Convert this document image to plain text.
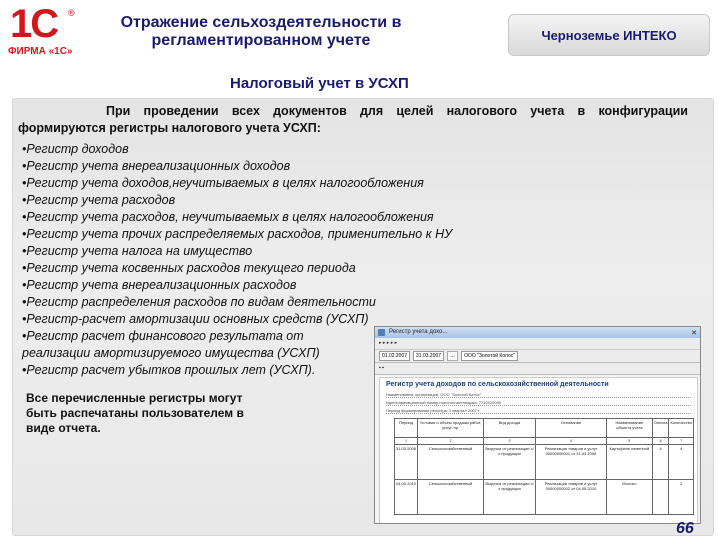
1С ®
ФИРМА «1С»
Отражение сельхоздеятельности в регламентированном учете	Черноземье ИНТЕКО
Налоговый учет в УСХП
При проведении всех документов для целей налогового учета в конфигурации формируются регистры налогового учета УСХП:
•Регистр доходов
•Регистр учета внереализационных доходов
•Регистр учета доходов,неучитываемых в целях налогообложения
•Регистр учета расходов
•Регистр учета расходов, неучитываемых в целях налогообложения
•Регистр учета прочих распределяемых расходов, применительно к НУ
•Регистр учета налога на имущество
•Регистр учета косвенных расходов текущего периода
•Регистр учета внереализационных расходов
•Регистр распределения расходов по видам деятельности
•Регистр-расчет амортизации основных средств (УСХП)
•Регистр расчет финансового результата от
реализации амортизируемого имущества (УСХП)
•Регистр расчет убытков прошлых лет (УСХП).
Все перечисленные регистры могут быть распечатаны пользователем в виде отчета.
Регистр учета дохо...	✕
▸ ▸ ▸ ▸ ▸
01.02.2007	31.03.2007	…	ООО "Золотой Колос"
▪ ▪
Регистр учета доходов по сельскохозяйственной деятельности
Наименование организации: ООО "Золотой Колос"
Идентификационный номер налогоплательщика: 7710010040
Период формирования регистра: 1 квартал 2007 г.
Период	Условия и объем продажи работ, услуг, пр.	Вид дохода	Основание	Наименование объекта учета	Оплата	Количество
1	2	3	4	5	6	7
31.03.2008	Сельскохозяйственный	Выручка от реализации с/х продукции	Реализация товаров и услуг 00000000001 от 31.03.2008	Картофель семенной	4	4
04.05.2010	Сельскохозяйственный	Выручка от реализации с/х продукции	Реализация товаров и услуг 00000000002 от 04.05.2010	Молоко		2
66
